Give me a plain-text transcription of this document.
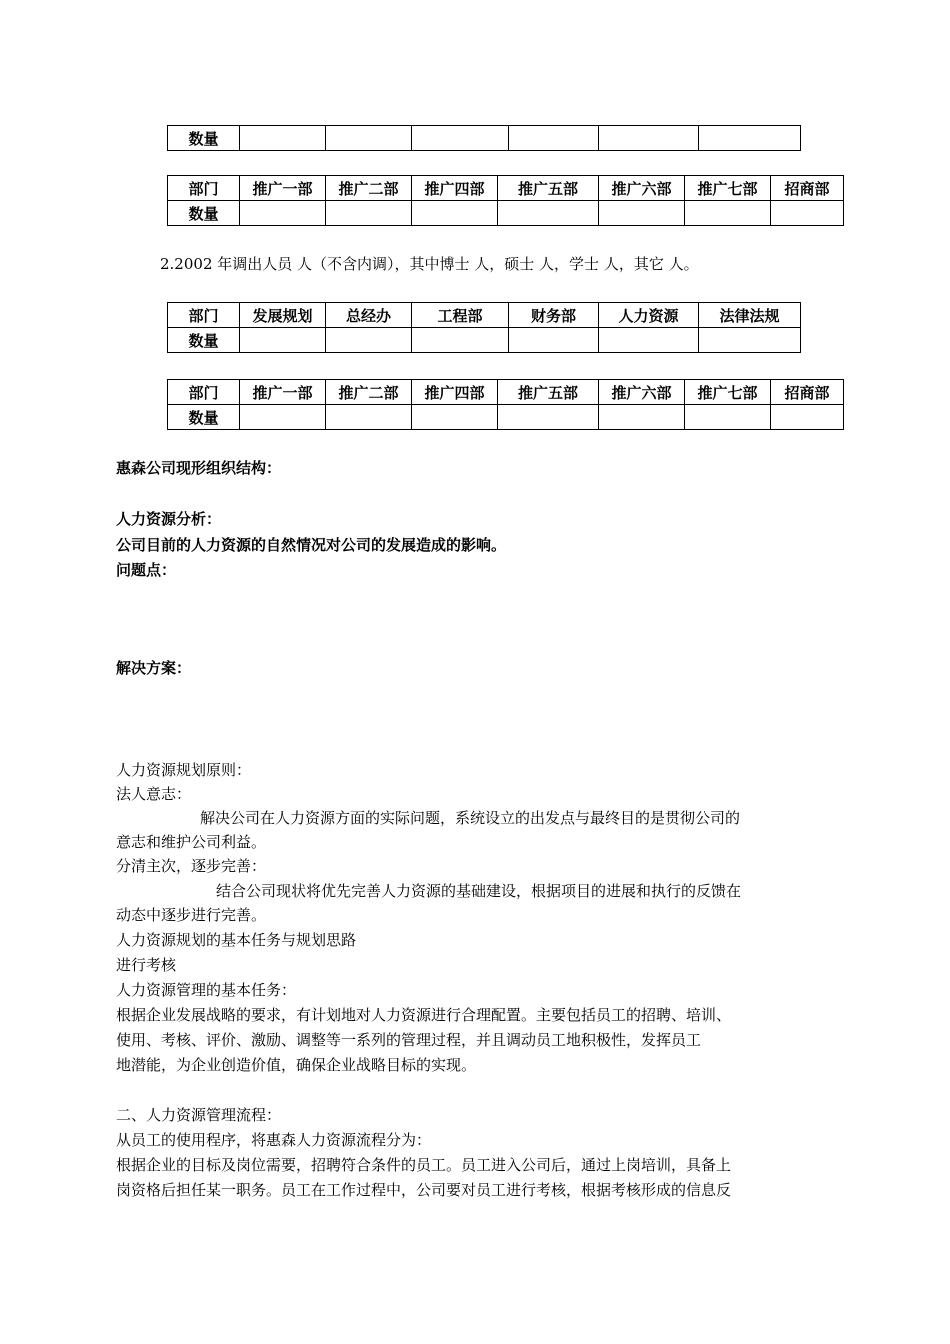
数量						
部门	推广一部	推广二部	推广四部	推广五部	推广六部	推广七部	招商部
数量							
2.2002 年调出人员 人（不含内调），其中博士 人，硕士 人，学士 人，其它 人。
部门	发展规划	总经办	工程部	财务部	人力资源	法律法规
数量						
部门	推广一部	推广二部	推广四部	推广五部	推广六部	推广七部	招商部
数量							
惠森公司现形组织结构：
人力资源分析：
公司目前的人力资源的自然情况对公司的发展造成的影响。
问题点：
解决方案：
人力资源规划原则：
法人意志：
解决公司在人力资源方面的实际问题，系统设立的出发点与最终目的是贯彻公司的
意志和维护公司利益。
分清主次，逐步完善：
结合公司现状将优先完善人力资源的基础建设，根据项目的进展和执行的反馈在
动态中逐步进行完善。
人力资源规划的基本任务与规划思路
进行考核
人力资源管理的基本任务：
根据企业发展战略的要求，有计划地对人力资源进行合理配置。主要包括员工的招聘、培训、
使用、考核、评价、激励、调整等一系列的管理过程，并且调动员工地积极性，发挥员工
地潜能，为企业创造价值，确保企业战略目标的实现。
二、人力资源管理流程：
从员工的使用程序，将惠森人力资源流程分为：
根据企业的目标及岗位需要，招聘符合条件的员工。员工进入公司后，通过上岗培训，具备上
岗资格后担任某一职务。员工在工作过程中，公司要对员工进行考核，根据考核形成的信息反
